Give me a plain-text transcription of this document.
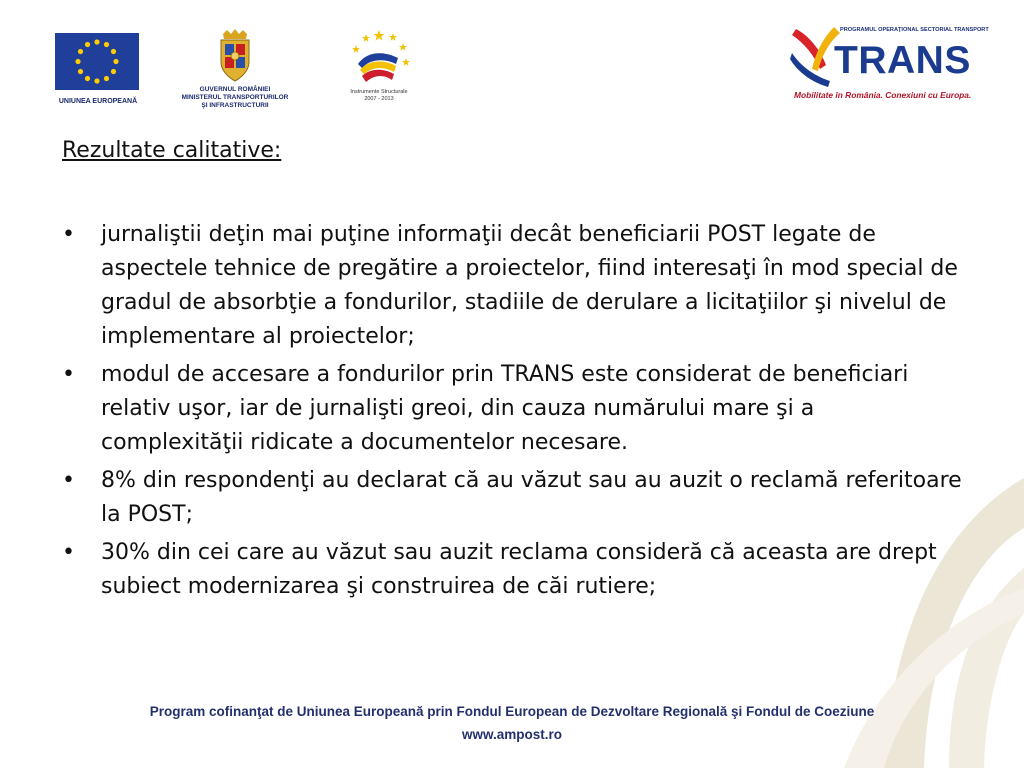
UNIUNEA EUROPEANĂ
GUVERNUL ROMÂNIEI
MINISTERUL TRANSPORTURILOR
ŞI INFRASTRUCTURII
Instrumente Structurale
2007 - 2013
PROGRAMUL OPERAŢIONAL SECTORIAL TRANSPORT
TRANS
Mobilitate în România. Conexiuni cu Europa.
Rezultate calitative:
• jurnaliştii deţin mai puţine informaţii decât beneficiarii POST legate de aspectele tehnice de pregătire a proiectelor, fiind interesaţi în mod special de gradul de absorbţie a fondurilor, stadiile de derulare a licitaţiilor şi nivelul de implementare al proiectelor;
• modul de accesare a fondurilor prin TRANS este considerat de beneficiari relativ uşor, iar de jurnalişti greoi, din cauza numărului mare şi a complexităţii ridicate a documentelor necesare.
• 8% din respondenţi au declarat că au văzut sau au auzit o reclamă referitoare la POST;
• 30% din cei care au văzut sau auzit reclama consideră că aceasta are drept subiect modernizarea şi construirea de căi rutiere;
Program cofinanţat de Uniunea Europeană prin Fondul European de Dezvoltare Regională şi Fondul de Coeziune
www.ampost.ro
